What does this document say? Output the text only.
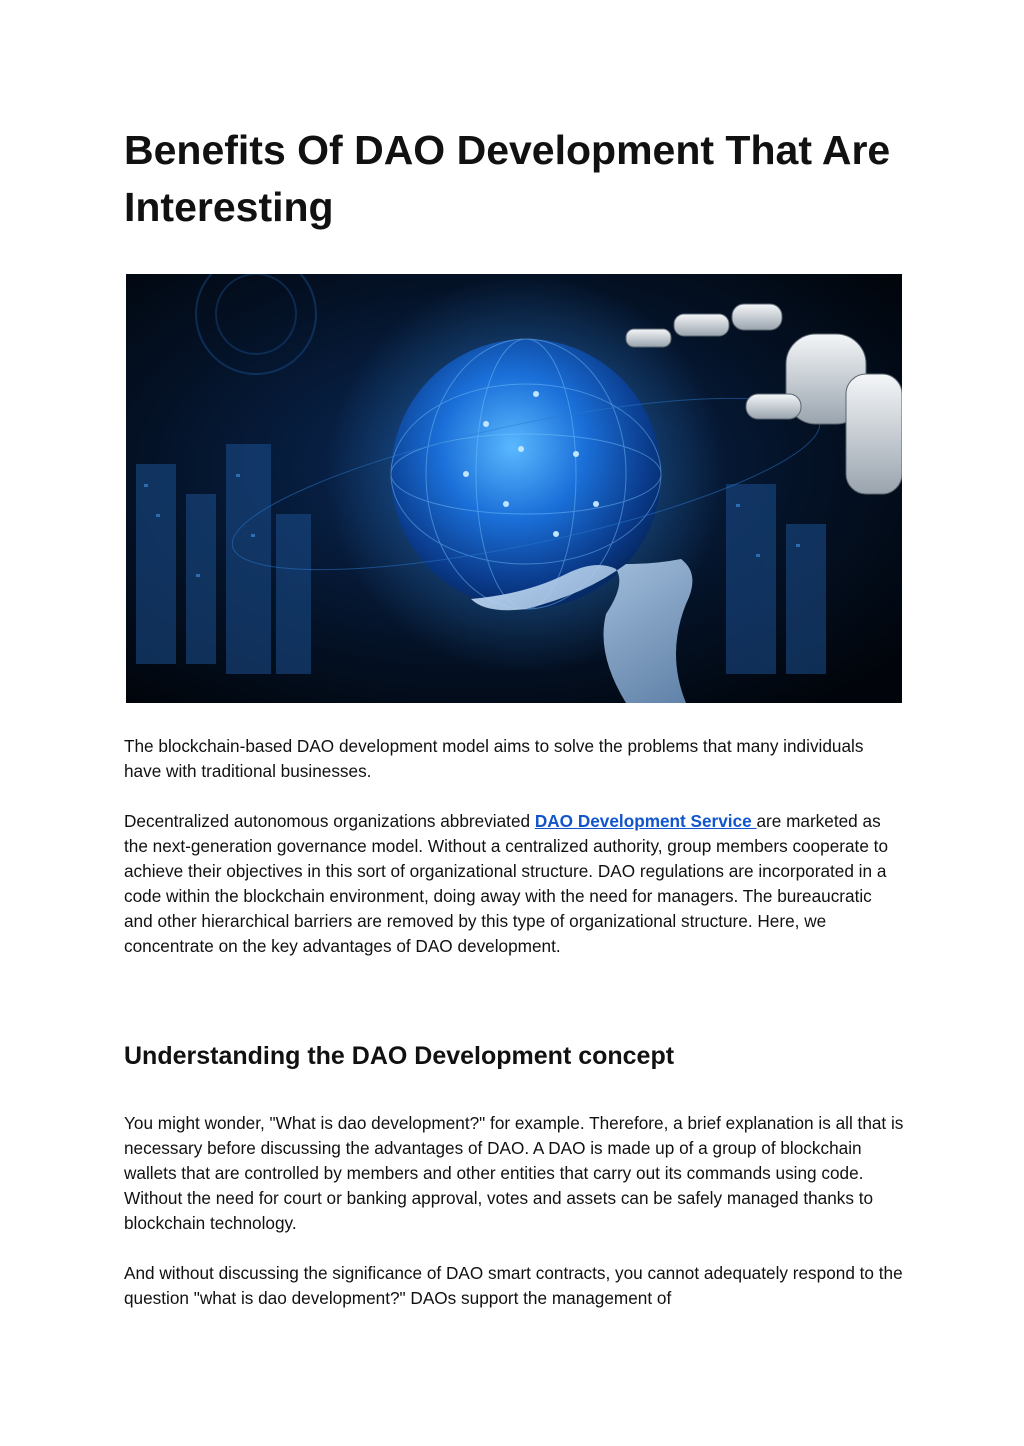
Benefits Of DAO Development That Are Interesting

The blockchain-based DAO development model aims to solve the problems that many individuals have with traditional businesses.

Decentralized autonomous organizations abbreviated DAO Development Service are marketed as the next-generation governance model. Without a centralized authority, group members cooperate to achieve their objectives in this sort of organizational structure. DAO regulations are incorporated in a code within the blockchain environment, doing away with the need for managers. The bureaucratic and other hierarchical barriers are removed by this type of organizational structure. Here, we concentrate on the key advantages of DAO development.

Understanding the DAO Development concept

You might wonder, "What is dao development?" for example. Therefore, a brief explanation is all that is necessary before discussing the advantages of DAO. A DAO is made up of a group of blockchain wallets that are controlled by members and other entities that carry out its commands using code. Without the need for court or banking approval, votes and assets can be safely managed thanks to blockchain technology.

And without discussing the significance of DAO smart contracts, you cannot adequately respond to the question "what is dao development?" DAOs support the management of
